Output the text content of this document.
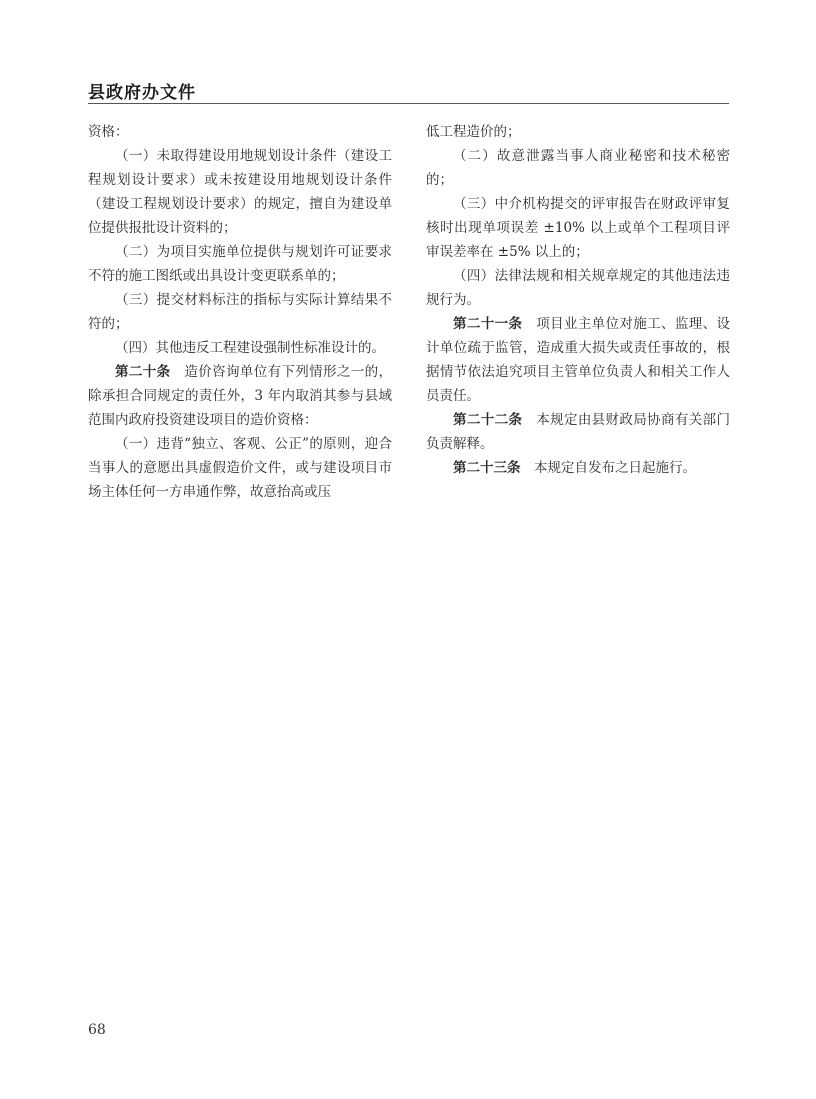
县政府办文件

资格：

（一）未取得建设用地规划设计条件（建设工程规划设计要求）或未按建设用地规划设计条件（建设工程规划设计要求）的规定，擅自为建设单位提供报批设计资料的；

（二）为项目实施单位提供与规划许可证要求不符的施工图纸或出具设计变更联系单的；

（三）提交材料标注的指标与实际计算结果不符的；

（四）其他违反工程建设强制性标准设计的。

第二十条　造价咨询单位有下列情形之一的，除承担合同规定的责任外，3 年内取消其参与县域范围内政府投资建设项目的造价资格：

（一）违背“独立、客观、公正”的原则，迎合当事人的意愿出具虚假造价文件，或与建设项目市场主体任何一方串通作弊，故意抬高或压

低工程造价的；

（二）故意泄露当事人商业秘密和技术秘密的；

（三）中介机构提交的评审报告在财政评审复核时出现单项误差 ±10% 以上或单个工程项目评审误差率在 ±5% 以上的；

（四）法律法规和相关规章规定的其他违法违规行为。

第二十一条　项目业主单位对施工、监理、设计单位疏于监管，造成重大损失或责任事故的，根据情节依法追究项目主管单位负责人和相关工作人员责任。

第二十二条　本规定由县财政局协商有关部门负责解释。

第二十三条　本规定自发布之日起施行。

68
